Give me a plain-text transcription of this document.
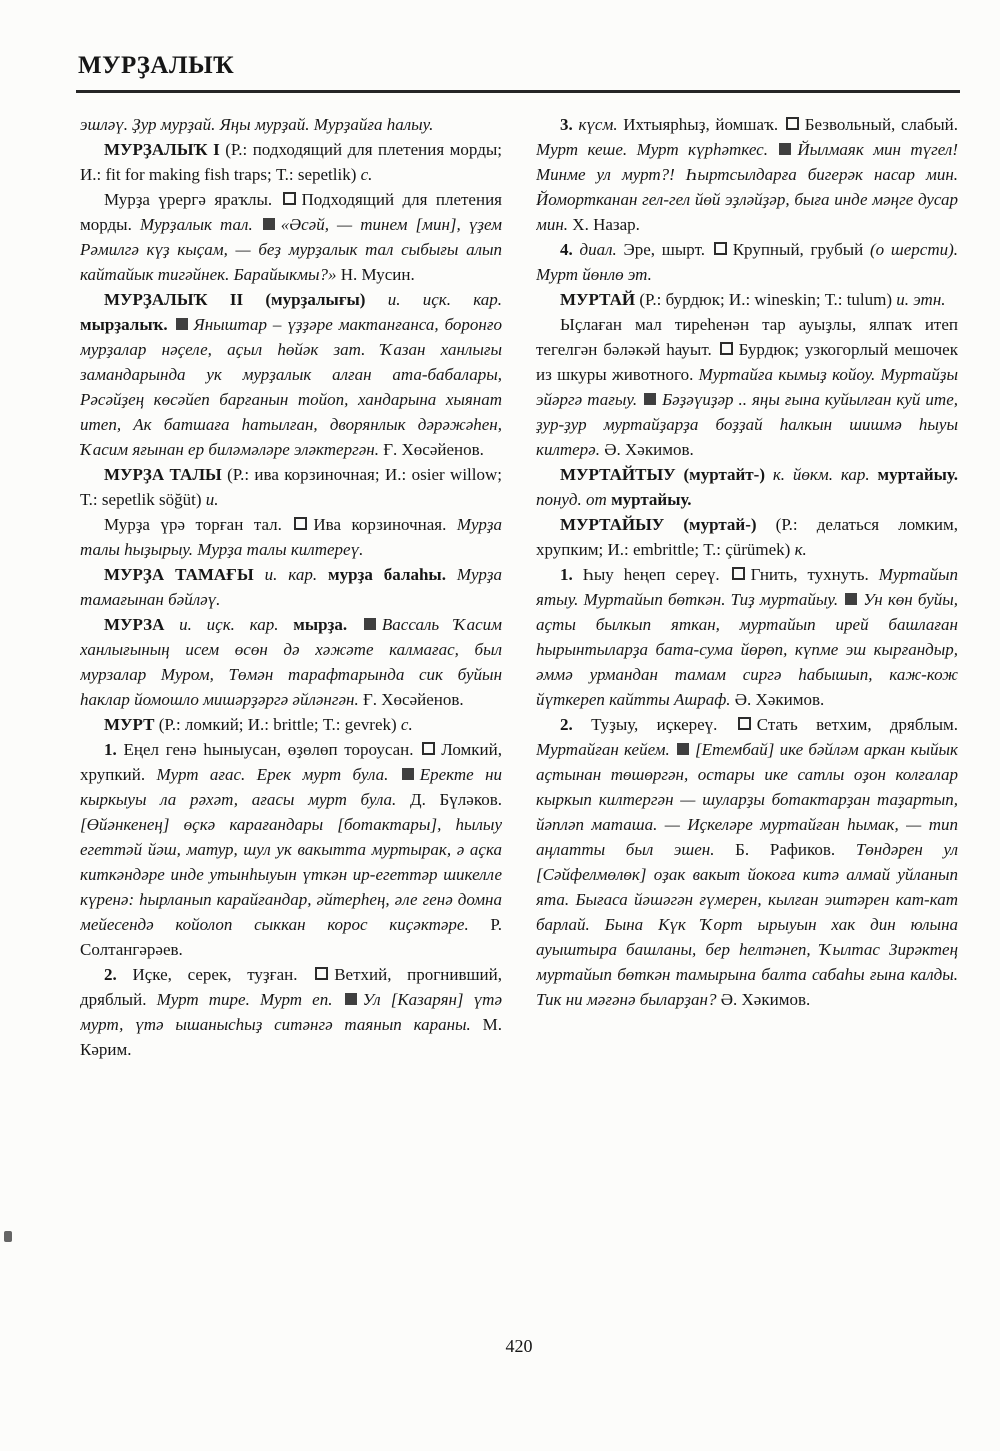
МУРҘАЛЫҠ

эшләү. Ҙур мурҙай. Яңы мурҙай. Мурҙайға һалыу.

МУРҘАЛЫҠ I (Р.: подходящий для плетения морды; И.: fit for making fish traps; Т.: sepetlik) с.

Мурҙа үрергә яраҡлы. Подходящий для плетения морды. Мурҙалык тал. «Әсәй, — тинем [мин], үҙем Рәмилгә күҙ кыҫам, — беҙ мурҙалык тал сыбығы алып кайтайык тигәйнек. Барайыкмы?» Н. Мусин.

МУРҘАЛЫҠ II (мурҙалығы) и. иҫк. кар. мырҙалыҡ. Яныштар – үҙҙәре мактанғанса, боронғо мурҙалар нәҫеле, аҫыл һөйәк зат. Ҡазан ханлығы замандарында ук мурҙалык алған ата-бабалары, Рәсәйҙең көсәйеп барғанын тойоп, хандарына хыянат итеп, Ак батшаға һатылған, дворянлык дәрәжәһен, Ҡасим яғынан ер биләмәләре эләктергән. Ғ. Хөсәйенов.

МУРҘА ТАЛЫ (Р.: ива корзиночная; И.: osier willow; Т.: sepetlik söğüt) и.

Мурҙа үрә торған тал. Ива корзиночная. Мурҙа талы һыҙырыу. Мурҙа талы килтереү.

МУРҘА ТАМАҒЫ и. кар. мурҙа балаһы. Мурҙа тамағынан бәйләү.

МУРЗА и. иҫк. кар. мырҙа. Вассаль Ҡасим ханлығының исем өсөн дә хәжәте калмағас, был мурзалар Муром, Төмән тарафтарында сик буйын һаклар йомошло мишәрҙәргә әйләнгән. Ғ. Хөсәйенов.

МУРТ (Р.: ломкий; И.: brittle; Т.: gevrek) с.

1. Еңел генә һыныусан, өҙөлөп тороусан. Ломкий, хрупкий. Мурт ағас. Ерек мурт була. Еректе ни кыркыуы ла рәхәт, ағасы мурт була. Д. Бүләков. [Өйәнкенең] өҫкә карағандары [ботактары], һылыу егеттәй йәш, матур, шул ук вакытта муртырак, ә аҫка киткәндәре инде утынһыуын үткән ир-егеттәр шикелле күренә: һырланып карайғандар, әйтерһең, әле генә домна мейесендә койолоп сыккан корос киҫәктәре. Р. Солтангәрәев.

2. Иҫке, серек, туҙған. Ветхий, прогнивший, дряблый. Мурт тире. Мурт еп. Ул [Казарян] үтә мурт, үтә ышанысһыҙ ситәнгә таянып караны. М. Кәрим.

3. күсм. Ихтыярһыҙ, йомшаҡ. Безвольный, слабый. Мурт кеше. Мурт күрһәткес. Йылмаяк мин түгел! Минме ул мурт?! Һыртсылдарға бигерәк насар мин. Йомортканан гел-гел йөй эҙләйҙәр, быға инде мәңге дусар мин. Х. Назар.

4. диал. Эре, шырт. Крупный, грубый (о шерсти). Мурт йөнлө эт.

МУРТАЙ (Р.: бурдюк; И.: wineskin; Т.: tulum) и. этн.

Ыҫлаған мал тиреһенән тар ауыҙлы, ялпаҡ итеп тегелгән бәләкәй һауыт. Бурдюк; узкогорлый мешочек из шкуры животного. Муртайға кымыҙ койоу. Муртайҙы эйәргә тағыу. Бәҙәүиҙәр .. яңы ғына куйылған куй ите, ҙур-ҙур муртайҙарҙа боҙҙай һалкын шишмә һыуы килтерә. Ә. Хәкимов.

МУРТАЙТЫУ (муртайт-) к. йөкм. кар. муртайыу. понуд. от муртайыу.

МУРТАЙЫУ (муртай-) (Р.: делаться ломким, хрупким; И.: embrittle; Т.: çürümek) к.

1. Һыу һеңеп сереү. Гнить, тухнуть. Муртайып ятыу. Муртайып бөткән. Тиҙ муртайыу. Ун көн буйы, аҫты былкып яткан, муртайып ирей башлаған һырынтыларҙа бата-сума йөрөп, күпме эш кырғандыр, әммә урмандан тамам сиргә һабышып, каж-кож йүткереп кайтты Ашраф. Ә. Хәкимов.

2. Туҙыу, иҫкереү. Стать ветхим, дряблым. Муртайған кейем. [Етембай] ике бәйләм аркан кыйык аҫтынан төшөргән, остары ике сатлы оҙон колғалар кыркып килтергән — шуларҙы ботактарҙан таҙартып, йәпләп маташа. — Иҫкеләре муртайған һымак, — тип аңлатты был эшен. Б. Рафиков. Төндәрен ул [Сәйфелмөлөк] оҙак вакыт йокоға китә алмай уйланып ята. Бығаса йәшәгән ғүмерен, кылған эштәрен кат-кат барлай. Бына Күк Ҡорт ырыуын хак дин юлына ауыштыра башланы, бер һелтәнеп, Ҡылтас Зирәктең муртайып бөткән тамырына балта сабаһы ғына калды. Тик ни мәғәнә быларҙан? Ә. Хәкимов.

420
